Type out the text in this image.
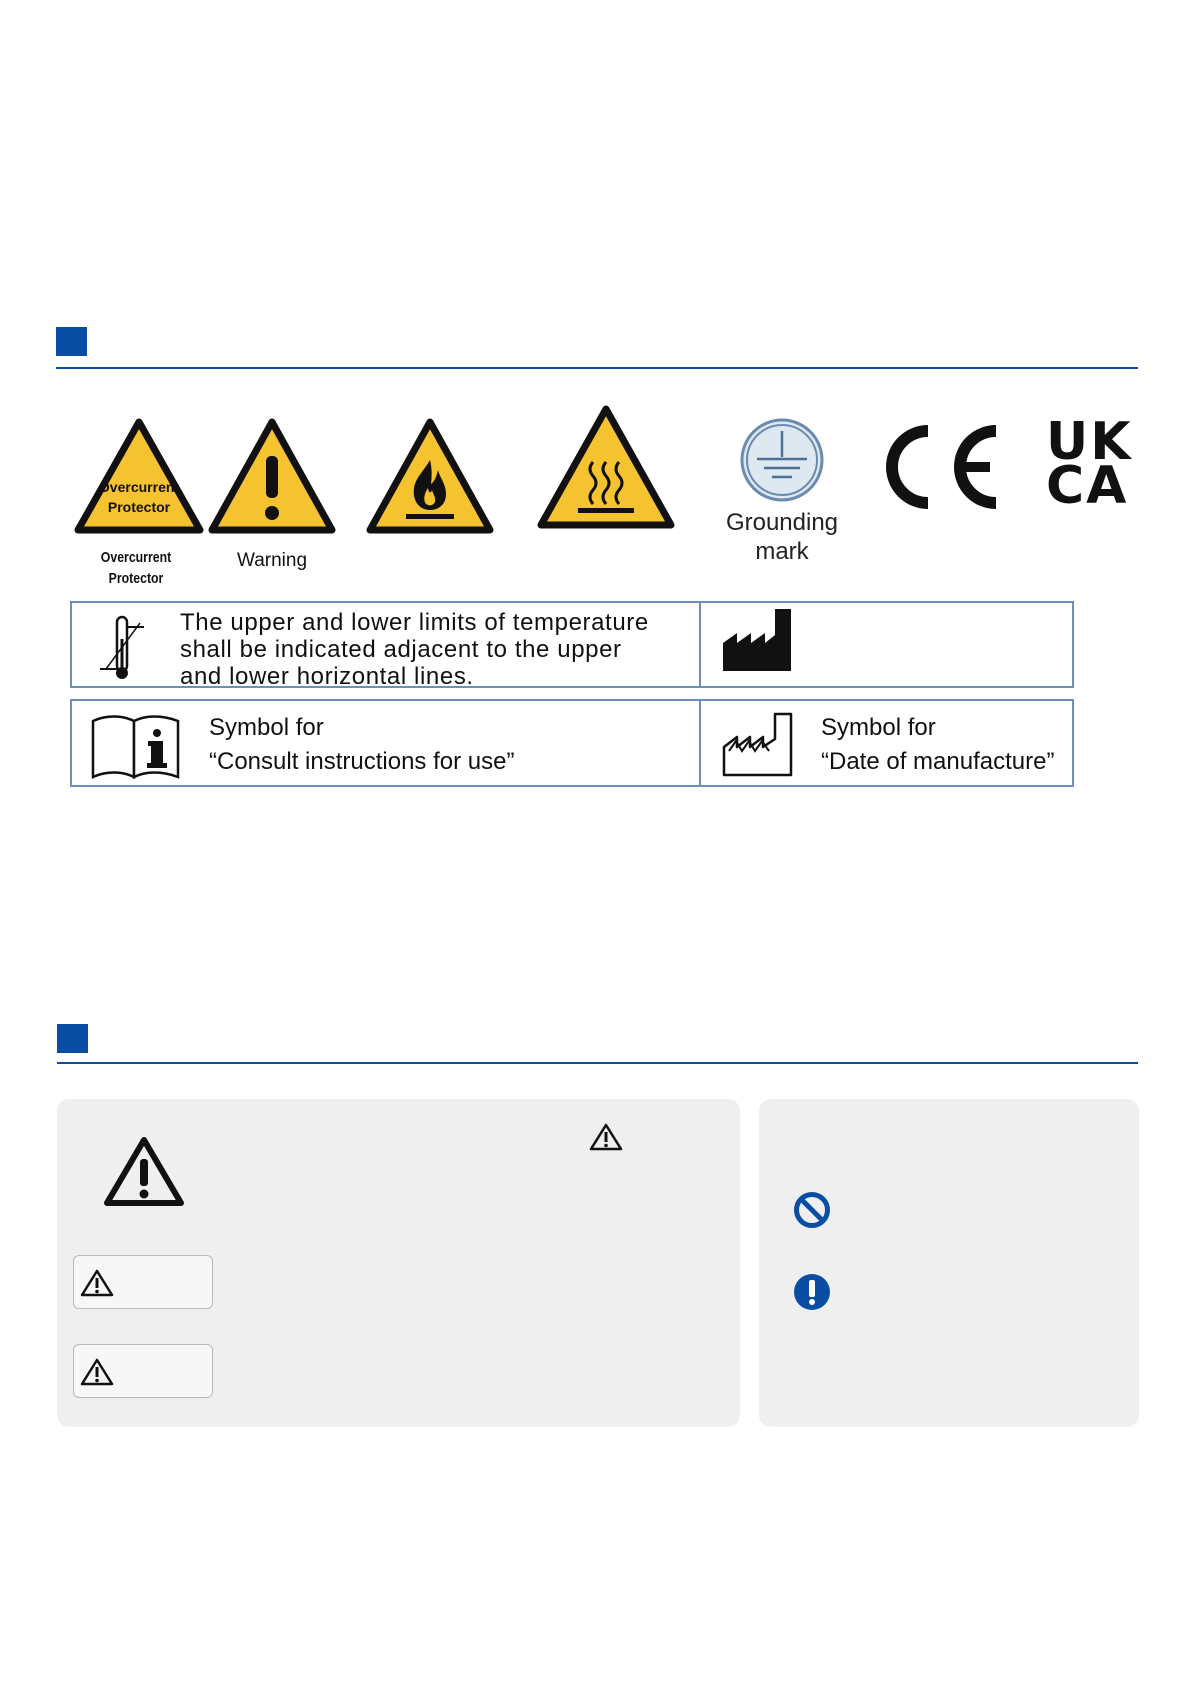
Overcurrent
Protector
Overcurrent
Protector
Warning
Grounding
mark
UK
CA
The upper and lower limits of temperature
shall be indicated adjacent to the upper
and lower horizontal lines.
Symbol for
“Consult instructions for use”
Symbol for
“Date of manufacture”
